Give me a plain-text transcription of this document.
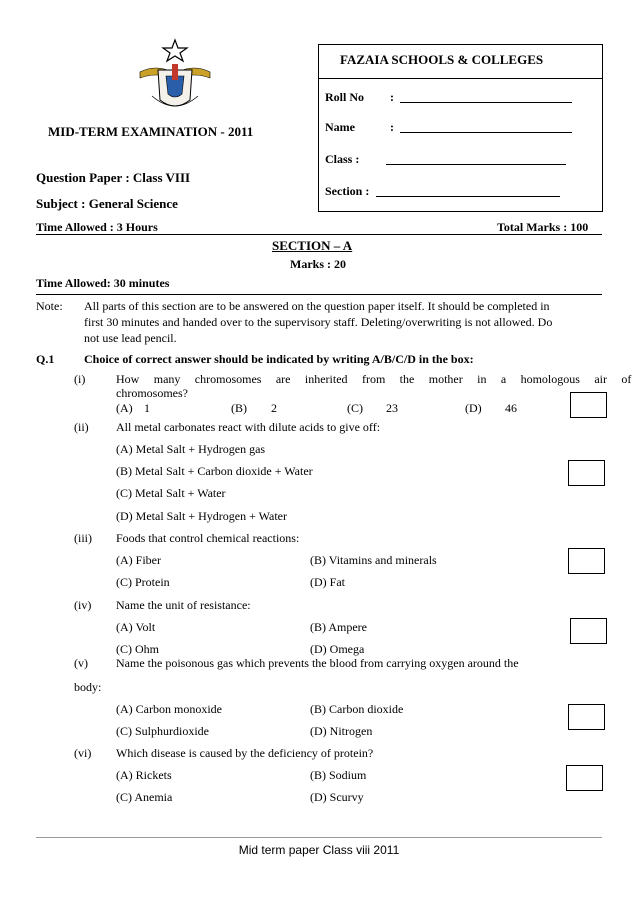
FAZAIA SCHOOLS & COLLEGES
Roll No :
Name	:
Class :
Section :
MID-TERM EXAMINATION - 2011
Question Paper : Class VIII
Subject : General Science
Time Allowed : 3 Hours	Total Marks : 100
SECTION – A
Marks : 20
Time Allowed: 30 minutes
Note: All parts of this section are to be answered on the question paper itself. It should be completed in
first 30 minutes and handed over to the supervisory staff. Deleting/overwriting is not allowed. Do
not use lead pencil.
Q.1 Choice of correct answer should be indicated by writing A/B/C/D in the box:
(i)	How many chromosomes are inherited from the mother in a homologous air of
chromosomes?
(A) 1	(B) 2	(C) 23	(D) 46
(ii) All metal carbonates react with dilute acids to give off:
(A) Metal Salt + Hydrogen gas
(B) Metal Salt + Carbon dioxide + Water
(C) Metal Salt + Water
(D) Metal Salt + Hydrogen + Water
(iii) Foods that control chemical reactions:
(A) Fiber	(B) Vitamins and minerals
(C) Protein	(D) Fat
(iv) Name the unit of resistance:
(A) Volt	(B) Ampere
(C) Ohm	(D) Omega
(v) Name the poisonous gas which prevents the blood from carrying oxygen around the
body:
(A) Carbon monoxide	(B) Carbon dioxide
(C) Sulphurdioxide	(D) Nitrogen
(vi) Which disease is caused by the deficiency of protein?
(A) Rickets	(B) Sodium
(C) Anemia	(D) Scurvy
Mid term paper Class viii 2011
